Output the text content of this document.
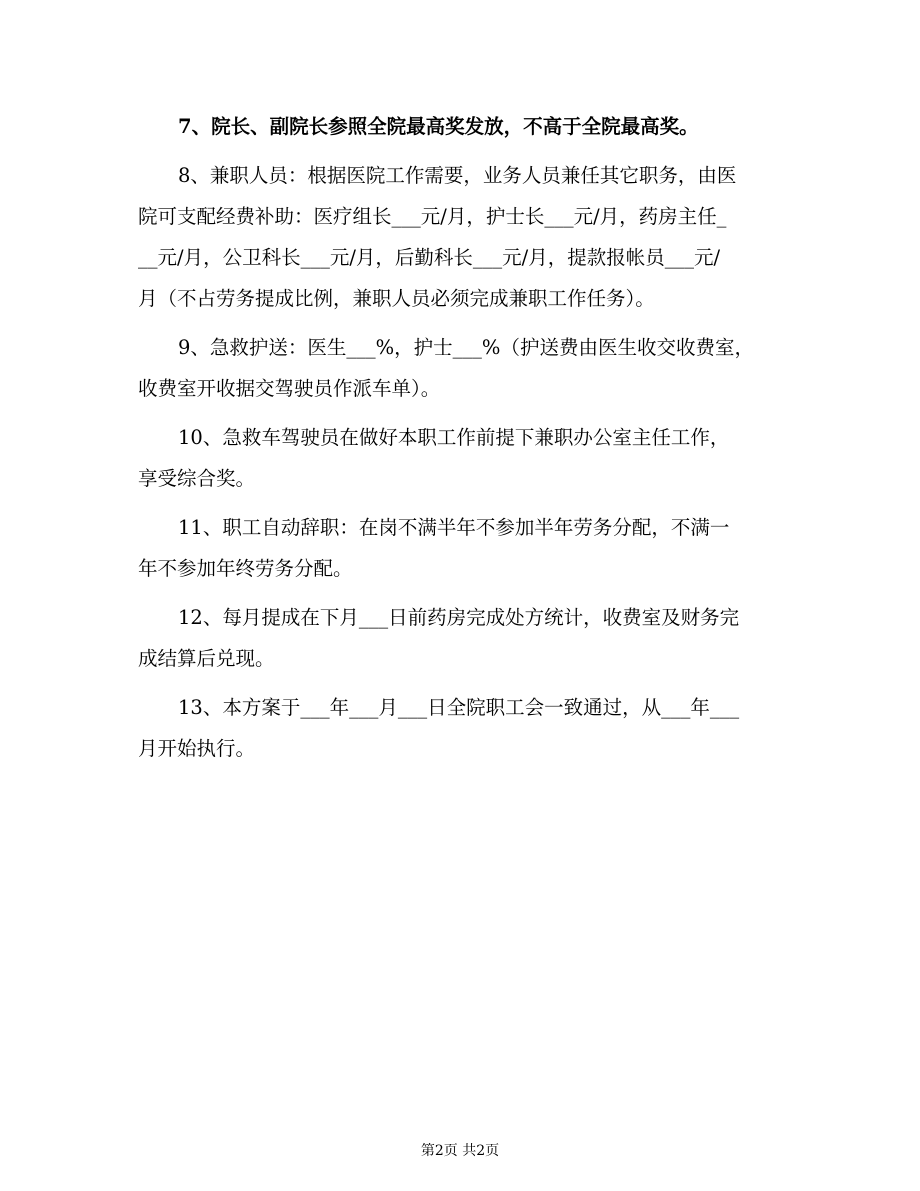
7、院长、副院长参照全院最高奖发放，不高于全院最高奖。
8、兼职人员：根据医院工作需要，业务人员兼任其它职务，由医
院可支配经费补助：医疗组长___元/月，护士长___元/月，药房主任_
__元/月，公卫科长___元/月，后勤科长___元/月，提款报帐员___元/
月（不占劳务提成比例，兼职人员必须完成兼职工作任务）。
9、急救护送：医生___%，护士___%（护送费由医生收交收费室，
收费室开收据交驾驶员作派车单）。
10、急救车驾驶员在做好本职工作前提下兼职办公室主任工作，
享受综合奖。
11、职工自动辞职：在岗不满半年不参加半年劳务分配，不满一
年不参加年终劳务分配。
12、每月提成在下月___日前药房完成处方统计，收费室及财务完
成结算后兑现。
13、本方案于___年___月___日全院职工会一致通过，从___年___
月开始执行。
第2页 共2页
